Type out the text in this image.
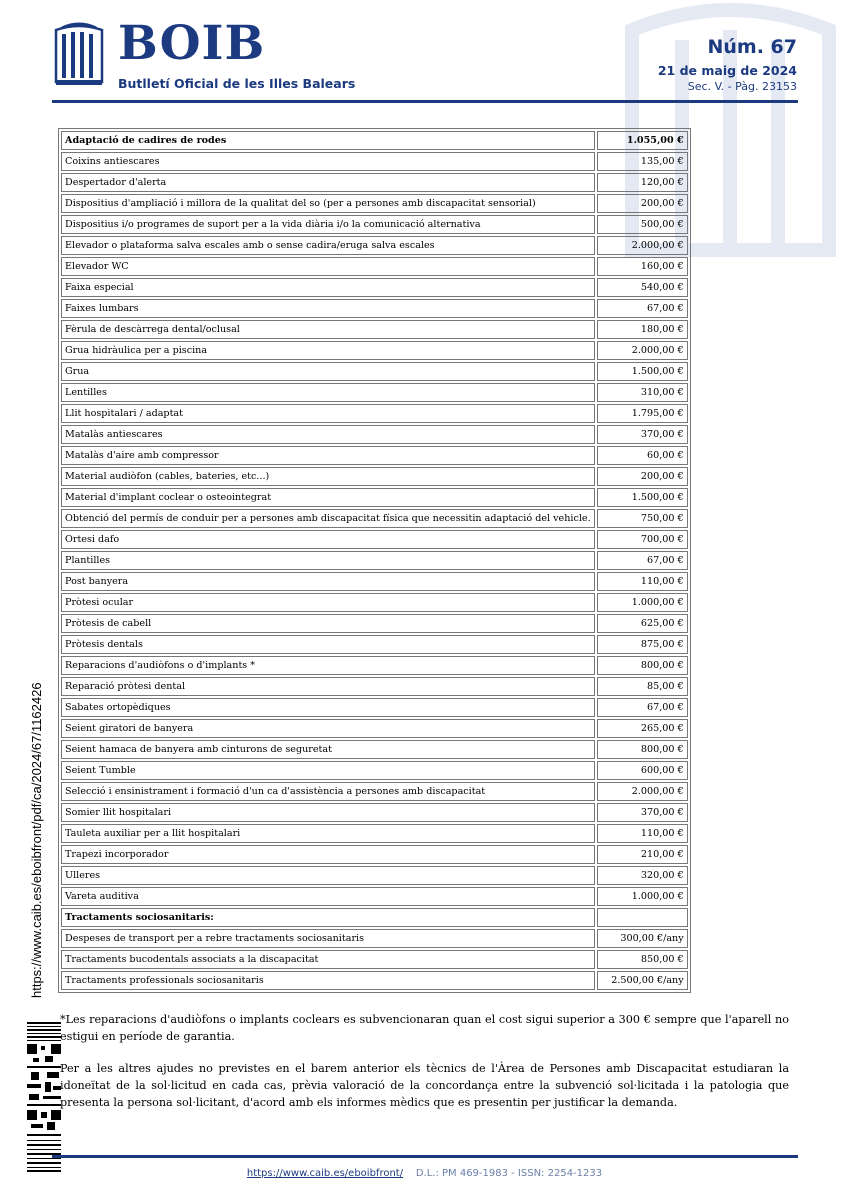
BOIB
Butlletí Oficial de les Illes Balears
Núm. 67
21 de maig de 2024
Sec. V. - Pàg. 23153
https://www.caib.es/eboibfront/pdf/ca/2024/67/1162426
Adaptació de cadires de rodes	1.055,00 €
Coixins antiescares	135,00 €
Despertador d'alerta	120,00 €
Dispositius d'ampliació i millora de la qualitat del so (per a persones amb discapacitat sensorial)	200,00 €
Dispositius i/o programes de suport per a la vida diària i/o la comunicació alternativa	500,00 €
Elevador o plataforma salva escales amb o sense cadira/eruga salva escales	2.000,00 €
Elevador WC	160,00 €
Faixa especial	540,00 €
Faixes lumbars	67,00 €
Fèrula de descàrrega dental/oclusal	180,00 €
Grua hidràulica per a piscina	2.000,00 €
Grua	1.500,00 €
Lentilles	310,00 €
Llit hospitalari / adaptat	1.795,00 €
Matalàs antiescares	370,00 €
Matalàs d'aire amb compressor	60,00 €
Material audiòfon (cables, bateries, etc...)	200,00 €
Material d'implant coclear o osteointegrat	1.500,00 €
Obtenció del permís de conduir per a persones amb discapacitat física que necessitin adaptació del vehicle.	750,00 €
Ortesi dafo	700,00 €
Plantilles	67,00 €
Post banyera	110,00 €
Pròtesi ocular	1.000,00 €
Pròtesis de cabell	625,00 €
Pròtesis dentals	875,00 €
Reparacions d'audiòfons o d'implants *	800,00 €
Reparació pròtesi dental	85,00 €
Sabates ortopèdiques	67,00 €
Seient giratori de banyera	265,00 €
Seient hamaca de banyera amb cinturons de seguretat	800,00 €
Seient Tumble	600,00 €
Selecció i ensinistrament i formació d'un ca d'assistència a persones amb discapacitat	2.000,00 €
Somier llit hospitalari	370,00 €
Tauleta auxiliar per a llit hospitalari	110,00 €
Trapezi incorporador	210,00 €
Ulleres	320,00 €
Vareta auditiva	1.000,00 €
Tractaments sociosanitaris:	
Despeses de transport per a rebre tractaments sociosanitaris	300,00 €/any
Tractaments bucodentals associats a la discapacitat	850,00 €
Tractaments professionals sociosanitaris	2.500,00 €/any
*Les reparacions d'audiòfons o implants coclears es subvencionaran quan el cost sigui superior a 300 € sempre que l'aparell no estigui en període de garantia.
Per a les altres ajudes no previstes en el barem anterior els tècnics de l'Àrea de Persones amb Discapacitat estudiaran la idoneïtat de la sol·licitud en cada cas, prèvia valoració de la concordança entre la subvenció sol·licitada i la patologia que presenta la persona sol·licitant, d'acord amb els informes mèdics que es presentin per justificar la demanda.
https://www.caib.es/eboibfront/ D.L.: PM 469-1983 - ISSN: 2254-1233
